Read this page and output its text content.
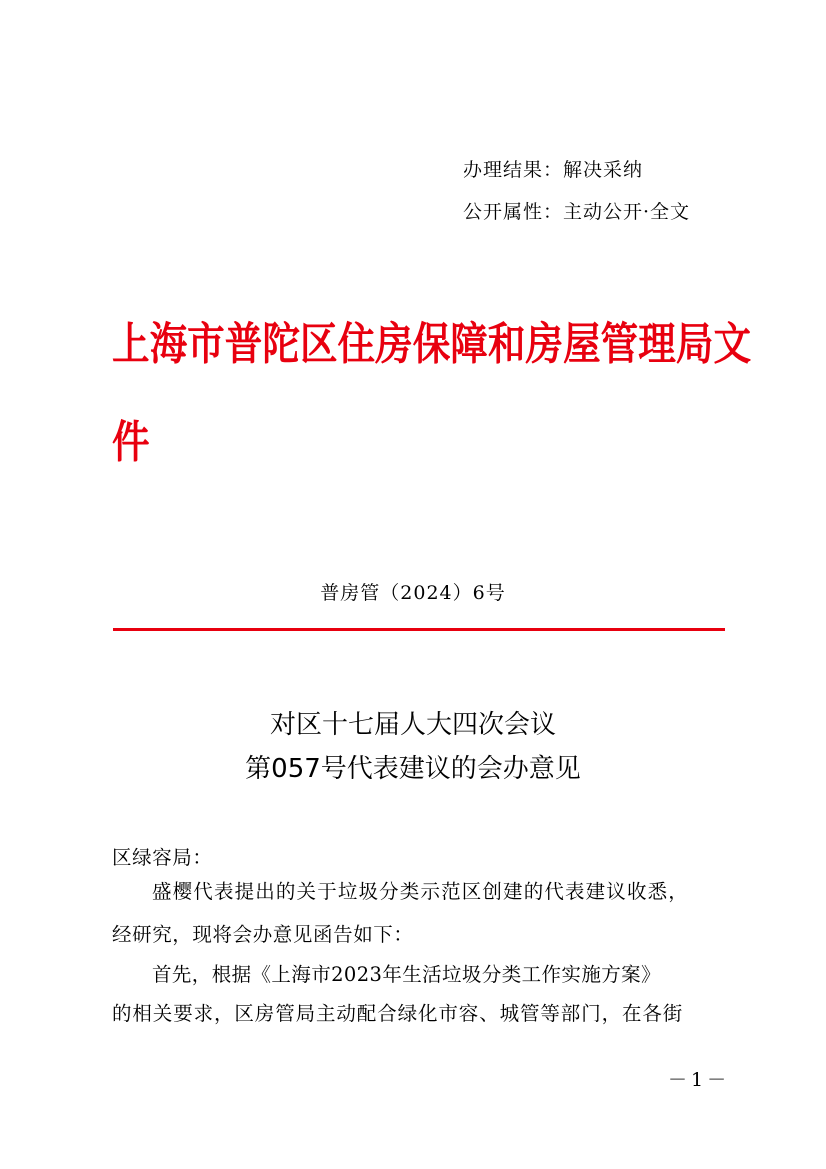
办理结果：解决采纳
公开属性：主动公开·全文
上海市普陀区住房保障和房屋管理局文
件
普房管（2024）6号
对区十七届人大四次会议
第057号代表建议的会办意见
区绿容局：
盛樱代表提出的关于垃圾分类示范区创建的代表建议收悉，
经研究，现将会办意见函告如下：
首先，根据《上海市2023年生活垃圾分类工作实施方案》
的相关要求，区房管局主动配合绿化市容、城管等部门，在各街
－1－
